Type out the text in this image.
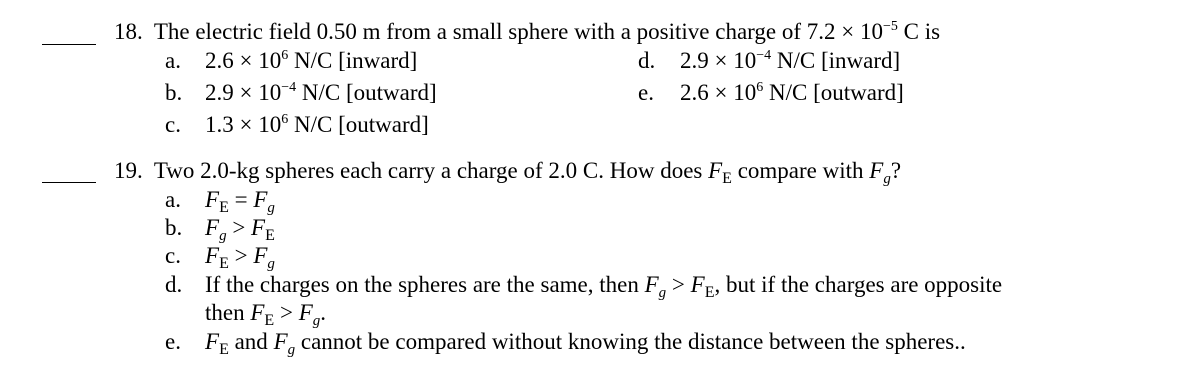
18. The electric field 0.50 m from a small sphere with a positive charge of $7.2 \times 10^{-5}$ C is
a. $2.6 \times 10^6$ N/C [inward]
b. $2.9 \times 10^{-4}$ N/C [outward]
c. $1.3 \times 10^6$ N/C [outward]
d. $2.9 \times 10^{-4}$ N/C [inward]
e. $2.6 \times 10^6$ N/C [outward]
19. Two 2.0-kg spheres each carry a charge of 2.0 C. How does $F_E$ compare with $F_g$?
a. $F_E = F_g$
b. $F_g > F_E$
c. $F_E > F_g$
d. If the charges on the spheres are the same, then $F_g > F_E$, but if the charges are opposite
then $F_E > F_g$.
e. $F_E$ and $F_g$ cannot be compared without knowing the distance between the spheres..
